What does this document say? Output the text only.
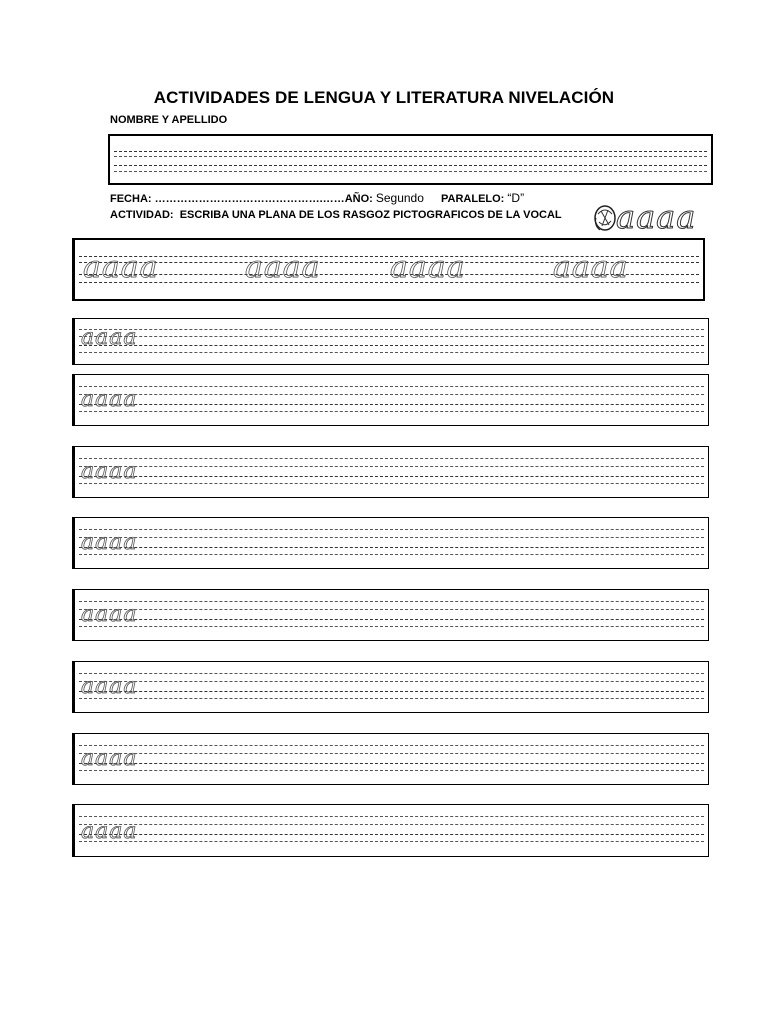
ACTIVIDADES DE LENGUA Y LITERATURA NIVELACIÓN
NOMBRE Y APELLIDO
FECHA: ……………………………………….……AÑO: Segundo PARALELO: “D”
ACTIVIDAD: ESCRIBA UNA PLANA DE LOS RASGOZ PICTOGRAFICOS DE LA VOCAL aaaa
aaaa	aaaa aaaa	aaaa
aaaa
aaaa
aaaa
aaaa
aaaa
aaaa
aaaa
aaaa
